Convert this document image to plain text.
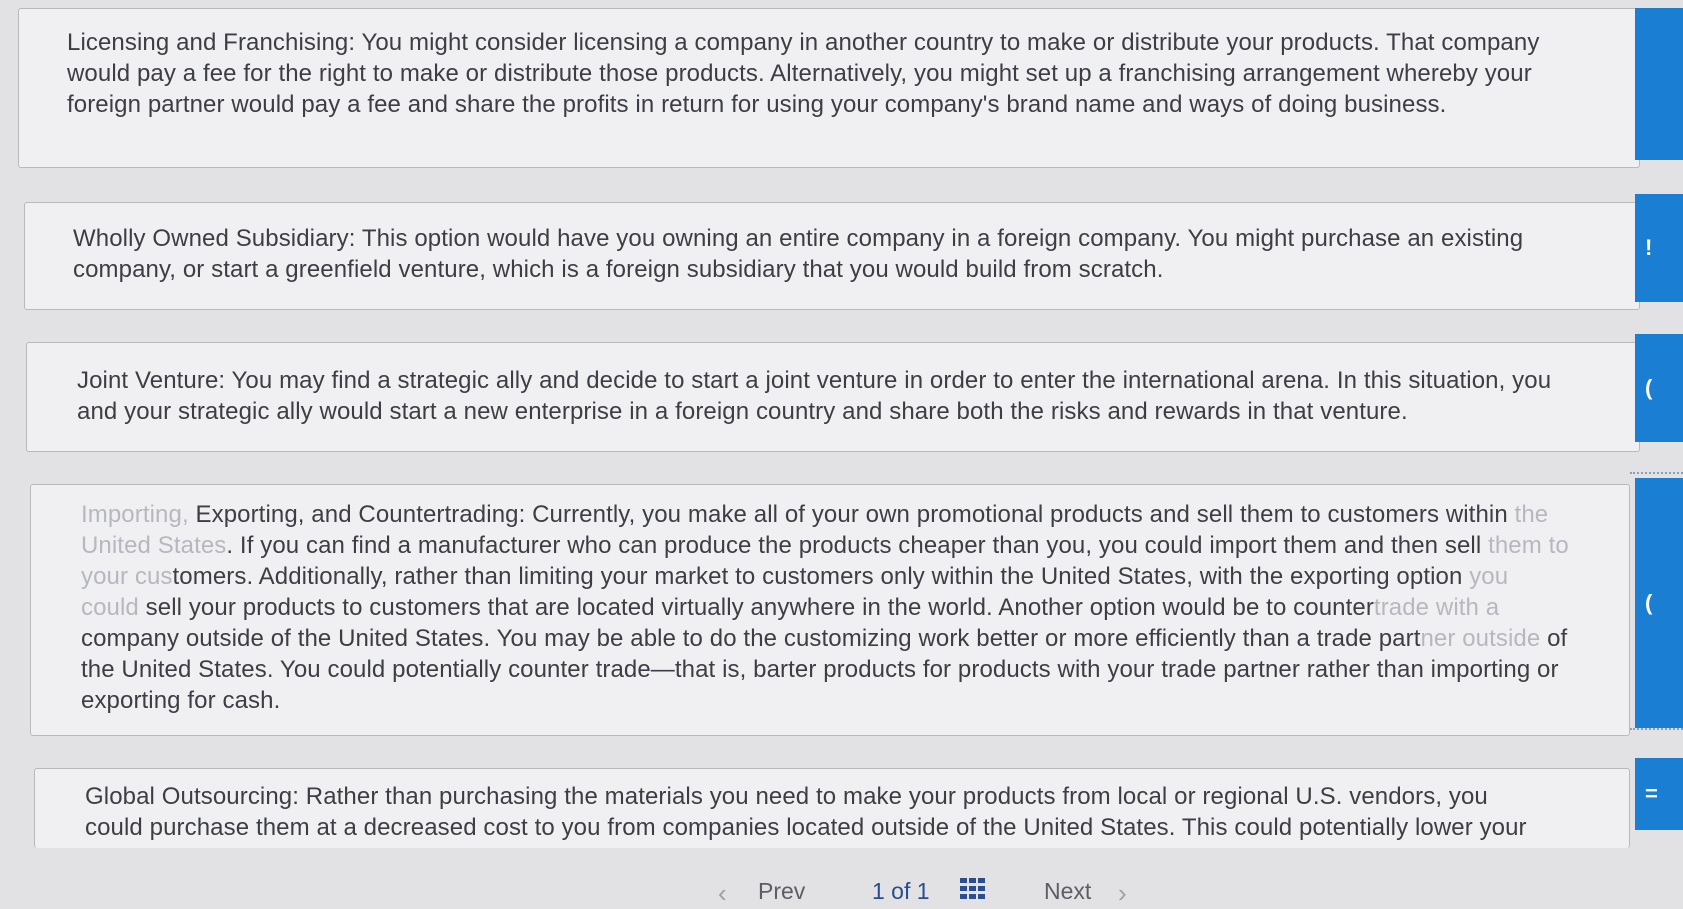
Licensing and Franchising: You might consider licensing a company in another country to make or distribute your products. That company would pay a fee for the right to make or distribute those products. Alternatively, you might set up a franchising arrangement whereby your foreign partner would pay a fee and share the profits in return for using your company's brand name and ways of doing business.
Wholly Owned Subsidiary: This option would have you owning an entire company in a foreign company. You might purchase an existing company, or start a greenfield venture, which is a foreign subsidiary that you would build from scratch.
!
Joint Venture: You may find a strategic ally and decide to start a joint venture in order to enter the international arena. In this situation, you and your strategic ally would start a new enterprise in a foreign country and share both the risks and rewards in that venture.
(
Importing, Exporting, and Countertrading: Currently, you make all of your own promotional products and sell them to customers within the United States. If you can find a manufacturer who can produce the products cheaper than you, you could import them and then sell them to your customers. Additionally, rather than limiting your market to customers only within the United States, with the exporting option you could sell your products to customers that are located virtually anywhere in the world. Another option would be to countertrade with a company outside of the United States. You may be able to do the customizing work better or more efficiently than a trade partner outside of the United States. You could potentially counter trade—that is, barter products for products with your trade partner rather than importing or exporting for cash.
(
Global Outsourcing: Rather than purchasing the materials you need to make your products from local or regional U.S. vendors, you could purchase them at a decreased cost to you from companies located outside of the United States. This could potentially lower your
=
‹ Prev	1 of 1	Next ›
